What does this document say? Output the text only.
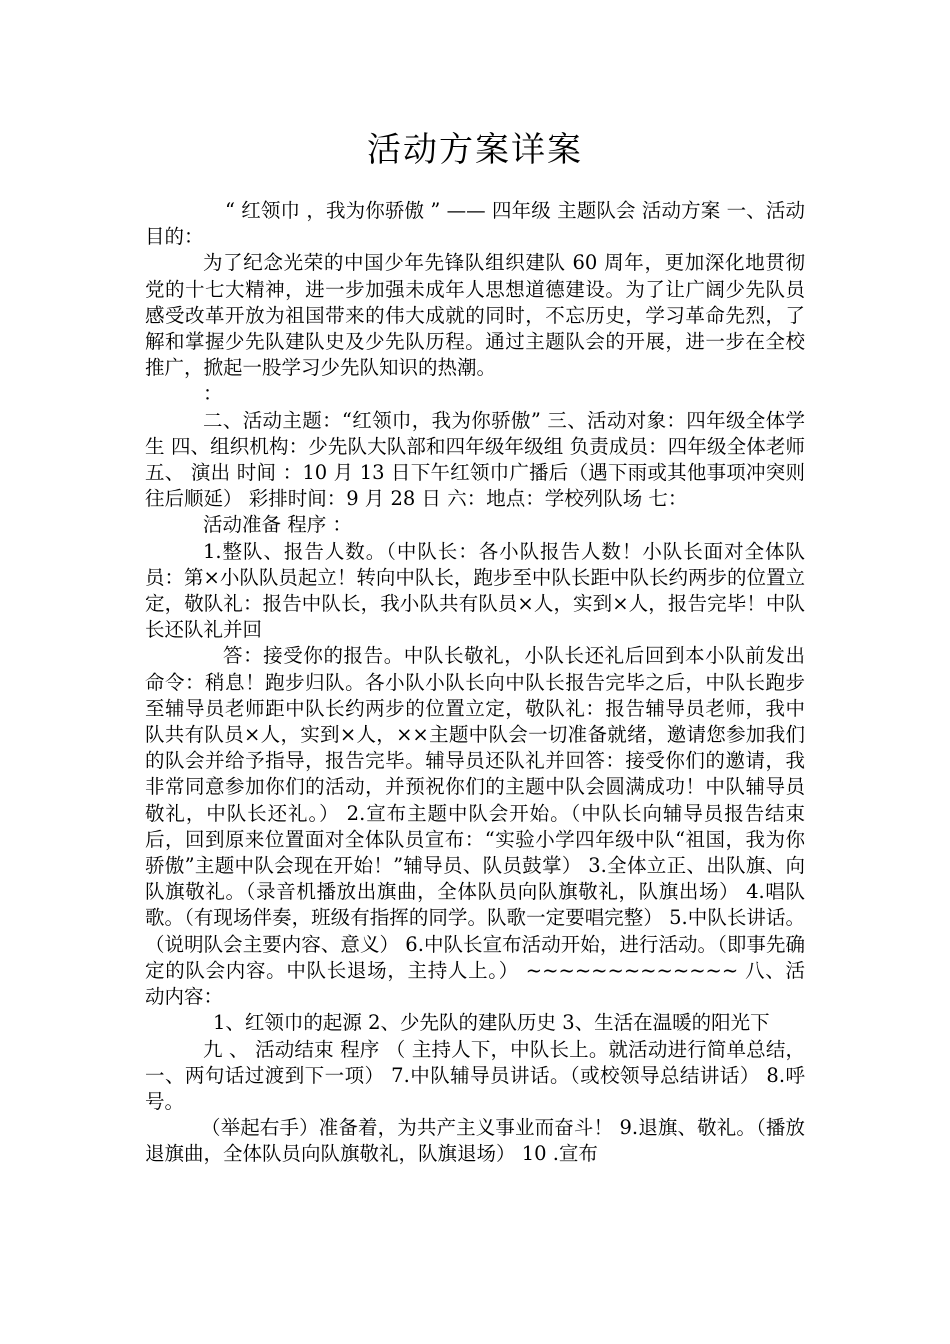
活动方案详案

“ 红领巾 ，我为你骄傲 ” —— 四年级 主题队会 活动方案 一、活动目的：

为了纪念光荣的中国少年先锋队组织建队 60 周年，更加深化地贯彻党的十七大精神，进一步加强未成年人思想道德建设。为了让广阔少先队员感受改革开放为祖国带来的伟大成就的同时，不忘历史，学习革命先烈，了解和掌握少先队建队史及少先队历程。通过主题队会的开展，进一步在全校推广，掀起一股学习少先队知识的热潮。

：

二、活动主题：“红领巾，我为你骄傲” 三、活动对象：四年级全体学生 四、组织机构：少先队大队部和四年级年级组 负责成员：四年级全体老师 五、 演出 时间 ：10 月 13 日下午红领巾广播后（遇下雨或其他事项冲突则往后顺延） 彩排时间：9 月 28 日 六：地点：学校列队场 七：

活动准备 程序 ：

1.整队、报告人数。（中队长：各小队报告人数！小队长面对全体队员：第×小队队员起立！转向中队长，跑步至中队长距中队长约两步的位置立定，敬队礼：报告中队长，我小队共有队员×人，实到×人，报告完毕！中队长还队礼并回

答：接受你的报告。中队长敬礼，小队长还礼后回到本小队前发出命令：稍息！跑步归队。各小队小队长向中队长报告完毕之后，中队长跑步至辅导员老师距中队长约两步的位置立定，敬队礼：报告辅导员老师，我中队共有队员×人，实到×人，××主题中队会一切准备就绪，邀请您参加我们的队会并给予指导，报告完毕。辅导员还队礼并回答：接受你们的邀请，我非常同意参加你们的活动，并预祝你们的主题中队会圆满成功！中队辅导员敬礼，中队长还礼。） 2.宣布主题中队会开始。（中队长向辅导员报告结束后，回到原来位置面对全体队员宣布：“实验小学四年级中队“祖国，我为你骄傲”主题中队会现在开始！”辅导员、队员鼓掌） 3.全体立正、出队旗、向队旗敬礼。（录音机播放出旗曲，全体队员向队旗敬礼，队旗出场） 4.唱队歌。（有现场伴奏，班级有指挥的同学。队歌一定要唱完整） 5.中队长讲话。（说明队会主要内容、意义） 6.中队长宣布活动开始，进行活动。（即事先确定的队会内容。中队长退场，主持人上。） ~~~~~~~~~~~~~ 八、活动内容：

1、红领巾的起源 2、少先队的建队历史 3、生活在温暖的阳光下

九 、 活动结束 程序 （ 主持人下，中队长上。就活动进行简单总结，一、两句话过渡到下一项） 7.中队辅导员讲话。（或校领导总结讲话） 8.呼号。

（举起右手）准备着，为共产主义事业而奋斗！ 9.退旗、敬礼。（播放退旗曲，全体队员向队旗敬礼，队旗退场） 10 .宣布
